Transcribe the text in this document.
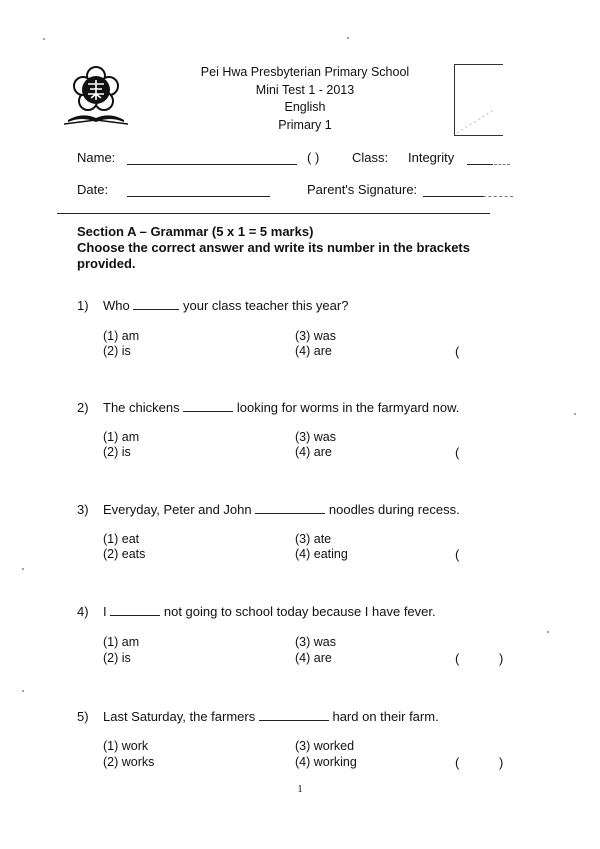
Pei Hwa Presbyterian Primary School
Mini Test 1 - 2013
English
Primary 1
Name:	( )	Class: Integrity
Date:	Parent's Signature:
Section A – Grammar (5 x 1 = 5 marks)
Choose the correct answer and write its number in the brackets provided.
1) Who	your class teacher this year?
(1) am
(2) is
(3) was
(4) are	(
2) The chickens	looking for worms in the farmyard now.
(1) am
(2) is
(3) was
(4) are	(
3) Everyday, Peter and John	noodles during recess.
(1) eat
(2) eats
(3) ate
(4) eating	(
4) I	not going to school today because I have fever.
(1) am
(2) is
(3) was
(4) are	(	)
5) Last Saturday, the farmers	hard on their farm.
(1) work
(2) works
(3) worked
(4) working	(	)
1
